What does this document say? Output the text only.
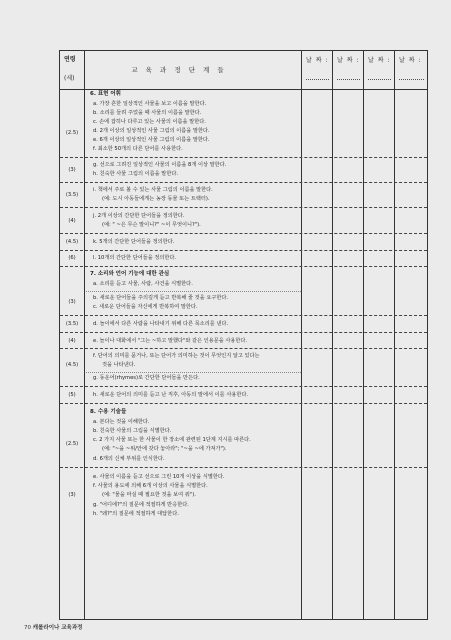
연령
(세)
교 육 과 정 단 계 들
날 짜 : 날 짜 : 날 짜 : 날 짜 :
6. 표현 어휘
a. 가장 흔한 일상적인 사물을 보고 이름을 말한다.
b. 소리를 들려 주었을 때 사물의 이름을 말한다.
c. 손에 잡히나 다루고 있는 사물의 이름을 말한다.
d. 2개 이상의 일상적인 사물 그림의 이름을 말한다.
e. 6개 이상의 일상적인 사물 그림의 이름을 말한다.
f. 최소한 50개의 다른 단어를 사용한다.
(2.5)
g. 선으로 그려진 일상적인 사물의 이름을 8개 이상 말한다.
h. 친숙한 사물 그림의 이름을 말한다.
(3)
i. 책에서 주로 볼 수 있는 사물 그림의 이름을 말한다.
(예: 도시 아동들에게는 농장 동물 또는 트랙터).
(3.5)
j. 2개 이상의 간단한 단어들을 정의한다.
(예: " ~은 무슨 말이니?" ~이 무엇이니?").
(4)
k. 5개의 간단한 단어들을 정의한다.
(4.5)
l. 10개의 간단한 단어들을 정의한다.
(6)
7. 소리와 언어 기능에 대한 관심
a. 소리를 듣고 사물, 사람, 사건을 식별한다.
b. 새로운 단어들을 주의깊게 듣고 반복해 줄 것을 요구한다.
c. 새로운 단어들을 자신에게 반복하여 말한다.
(3)
d. 놀이에서 다른 사람을 나타내기 위해 다른 목소리를 낸다.
(3.5)
e. 놀이나 대화에서 "그는 ~하고 말했다"와 같은 인용문을 사용한다.
(4)
f. 단어의 의미를 묻거나, 또는 단어가 의미하는 것이 무엇인지 알고 있다는
것을 나타낸다.
g. 동운어(rhymes)로 간단한 단어들을 만든다.
(4.5)
h. 새로운 단어의 의미를 듣고 난 직후, 아동의 말에서 이를 사용한다.
(5)
8. 수용 기술들
a. 본다는 것을 이해한다.
b. 친숙한 사물의 그림을 식별한다.
c. 2 가지 사물 또는 한 사물이 한 장소에 관련된 1단계 지시를 따른다.
(예: "~을 ~위/안에 갖다 놓아라"; "~을 ~에 가져가").
d. 6개의 신체 부위를 인식한다.
(2.5)
e. 사물의 이름을 듣고 선으로 그린 10개 이상을 식별한다.
f. 사물의 용도에 의해 6개 이상의 사물을 식별한다.
(예: "물을 마실 때 필요한 것을 보여 줘").
g. "어디에?"의 질문에 적절하게 반응한다.
h. "왜?"의 질문에 적절하게 대답한다.
(3)
70 캐롤라이나 교육과정
